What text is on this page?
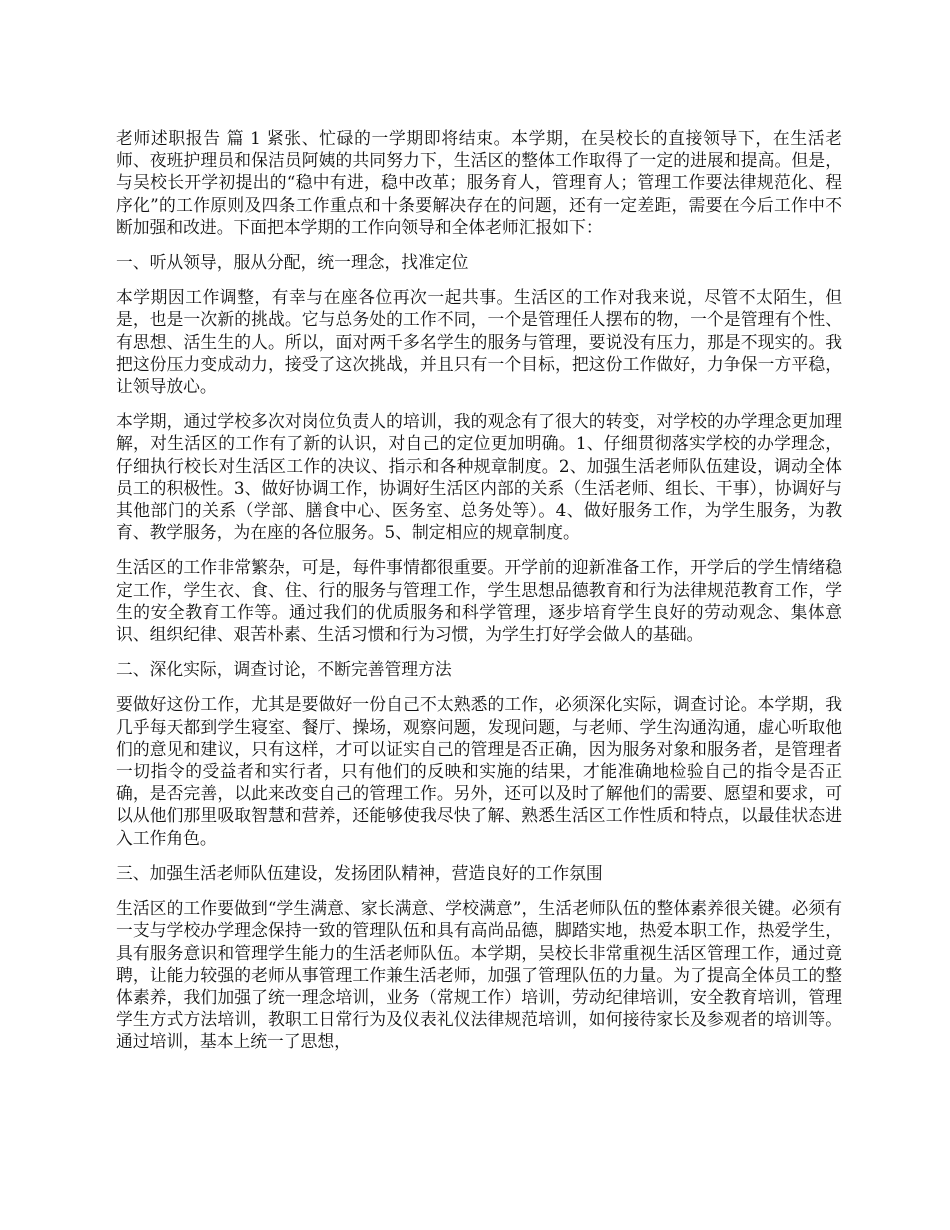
老师述职报告 篇 1 紧张、忙碌的一学期即将结束。本学期，在吴校长的直接领导下，在生活老师、夜班护理员和保洁员阿姨的共同努力下，生活区的整体工作取得了一定的进展和提高。但是，与吴校长开学初提出的“稳中有进，稳中改革；服务育人，管理育人；管理工作要法律规范化、程序化”的工作原则及四条工作重点和十条要解决存在的问题，还有一定差距，需要在今后工作中不断加强和改进。下面把本学期的工作向领导和全体老师汇报如下：

一、听从领导，服从分配，统一理念，找准定位

本学期因工作调整，有幸与在座各位再次一起共事。生活区的工作对我来说，尽管不太陌生，但是，也是一次新的挑战。它与总务处的工作不同，一个是管理任人摆布的物，一个是管理有个性、有思想、活生生的人。所以，面对两千多名学生的服务与管理，要说没有压力，那是不现实的。我把这份压力变成动力，接受了这次挑战，并且只有一个目标，把这份工作做好，力争保一方平稳，让领导放心。

本学期，通过学校多次对岗位负责人的培训，我的观念有了很大的转变，对学校的办学理念更加理解，对生活区的工作有了新的认识，对自己的定位更加明确。1、仔细贯彻落实学校的办学理念，仔细执行校长对生活区工作的决议、指示和各种规章制度。2、加强生活老师队伍建设，调动全体员工的积极性。3、做好协调工作，协调好生活区内部的关系（生活老师、组长、干事），协调好与其他部门的关系（学部、膳食中心、医务室、总务处等）。4、做好服务工作，为学生服务，为教育、教学服务，为在座的各位服务。5、制定相应的规章制度。

生活区的工作非常繁杂，可是，每件事情都很重要。开学前的迎新准备工作，开学后的学生情绪稳定工作，学生衣、食、住、行的服务与管理工作，学生思想品德教育和行为法律规范教育工作，学生的安全教育工作等。通过我们的优质服务和科学管理，逐步培育学生良好的劳动观念、集体意识、组织纪律、艰苦朴素、生活习惯和行为习惯，为学生打好学会做人的基础。

二、深化实际，调查讨论，不断完善管理方法

要做好这份工作，尤其是要做好一份自己不太熟悉的工作，必须深化实际，调查讨论。本学期，我几乎每天都到学生寝室、餐厅、操场，观察问题，发现问题，与老师、学生沟通沟通，虚心听取他们的意见和建议，只有这样，才可以证实自己的管理是否正确，因为服务对象和服务者，是管理者一切指令的受益者和实行者，只有他们的反映和实施的结果，才能准确地检验自己的指令是否正确，是否完善，以此来改变自己的管理工作。另外，还可以及时了解他们的需要、愿望和要求，可以从他们那里吸取智慧和营养，还能够使我尽快了解、熟悉生活区工作性质和特点，以最佳状态进入工作角色。

三、加强生活老师队伍建设，发扬团队精神，营造良好的工作氛围

生活区的工作要做到“学生满意、家长满意、学校满意”，生活老师队伍的整体素养很关键。必须有一支与学校办学理念保持一致的管理队伍和具有高尚品德，脚踏实地，热爱本职工作，热爱学生，具有服务意识和管理学生能力的生活老师队伍。本学期，吴校长非常重视生活区管理工作，通过竟聘，让能力较强的老师从事管理工作兼生活老师，加强了管理队伍的力量。为了提高全体员工的整体素养，我们加强了统一理念培训，业务（常规工作）培训，劳动纪律培训，安全教育培训，管理学生方式方法培训，教职工日常行为及仪表礼仪法律规范培训，如何接待家长及参观者的培训等。通过培训，基本上统一了思想，
